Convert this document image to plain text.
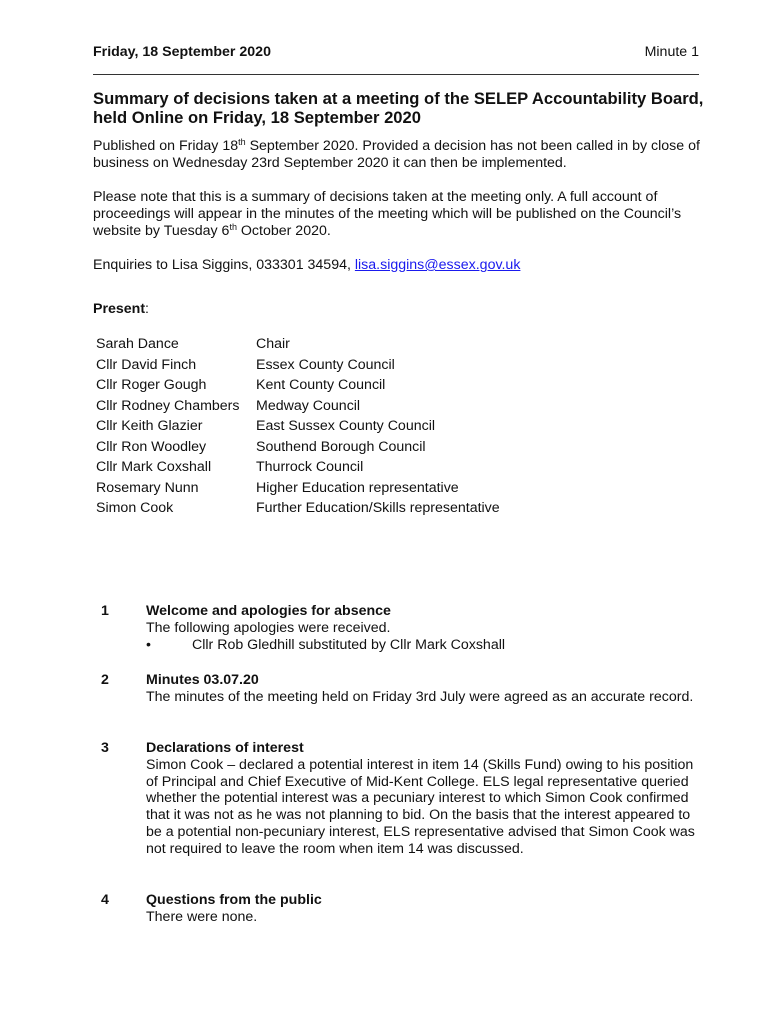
Friday, 18 September 2020	Minute 1
Summary of decisions taken at a meeting of the SELEP Accountability Board, held Online on Friday, 18 September 2020

Published on Friday 18th September 2020. Provided a decision has not been called in by close of business on Wednesday 23rd September 2020 it can then be implemented.

Please note that this is a summary of decisions taken at the meeting only. A full account of proceedings will appear in the minutes of the meeting which will be published on the Council’s website by Tuesday 6th October 2020.

Enquiries to Lisa Siggins, 033301 34594, lisa.siggins@essex.gov.uk

Present:
Sarah Dance	Chair
Cllr David Finch	Essex County Council
Cllr Roger Gough	Kent County Council
Cllr Rodney Chambers	Medway Council
Cllr Keith Glazier	East Sussex County Council
Cllr Ron Woodley	Southend Borough Council
Cllr Mark Coxshall	Thurrock Council
Rosemary Nunn	Higher Education representative
Simon Cook	Further Education/Skills representative
1	Welcome and apologies for absence
The following apologies were received.
•	Cllr Rob Gledhill substituted by Cllr Mark Coxshall
2	Minutes 03.07.20
The minutes of the meeting held on Friday 3rd July were agreed as an accurate record.
3	Declarations of interest
Simon Cook – declared a potential interest in item 14 (Skills Fund) owing to his position of Principal and Chief Executive of Mid-Kent College. ELS legal representative queried whether the potential interest was a pecuniary interest to which Simon Cook confirmed that it was not as he was not planning to bid. On the basis that the interest appeared to be a potential non-pecuniary interest, ELS representative advised that Simon Cook was not required to leave the room when item 14 was discussed.
4	Questions from the public
There were none.
